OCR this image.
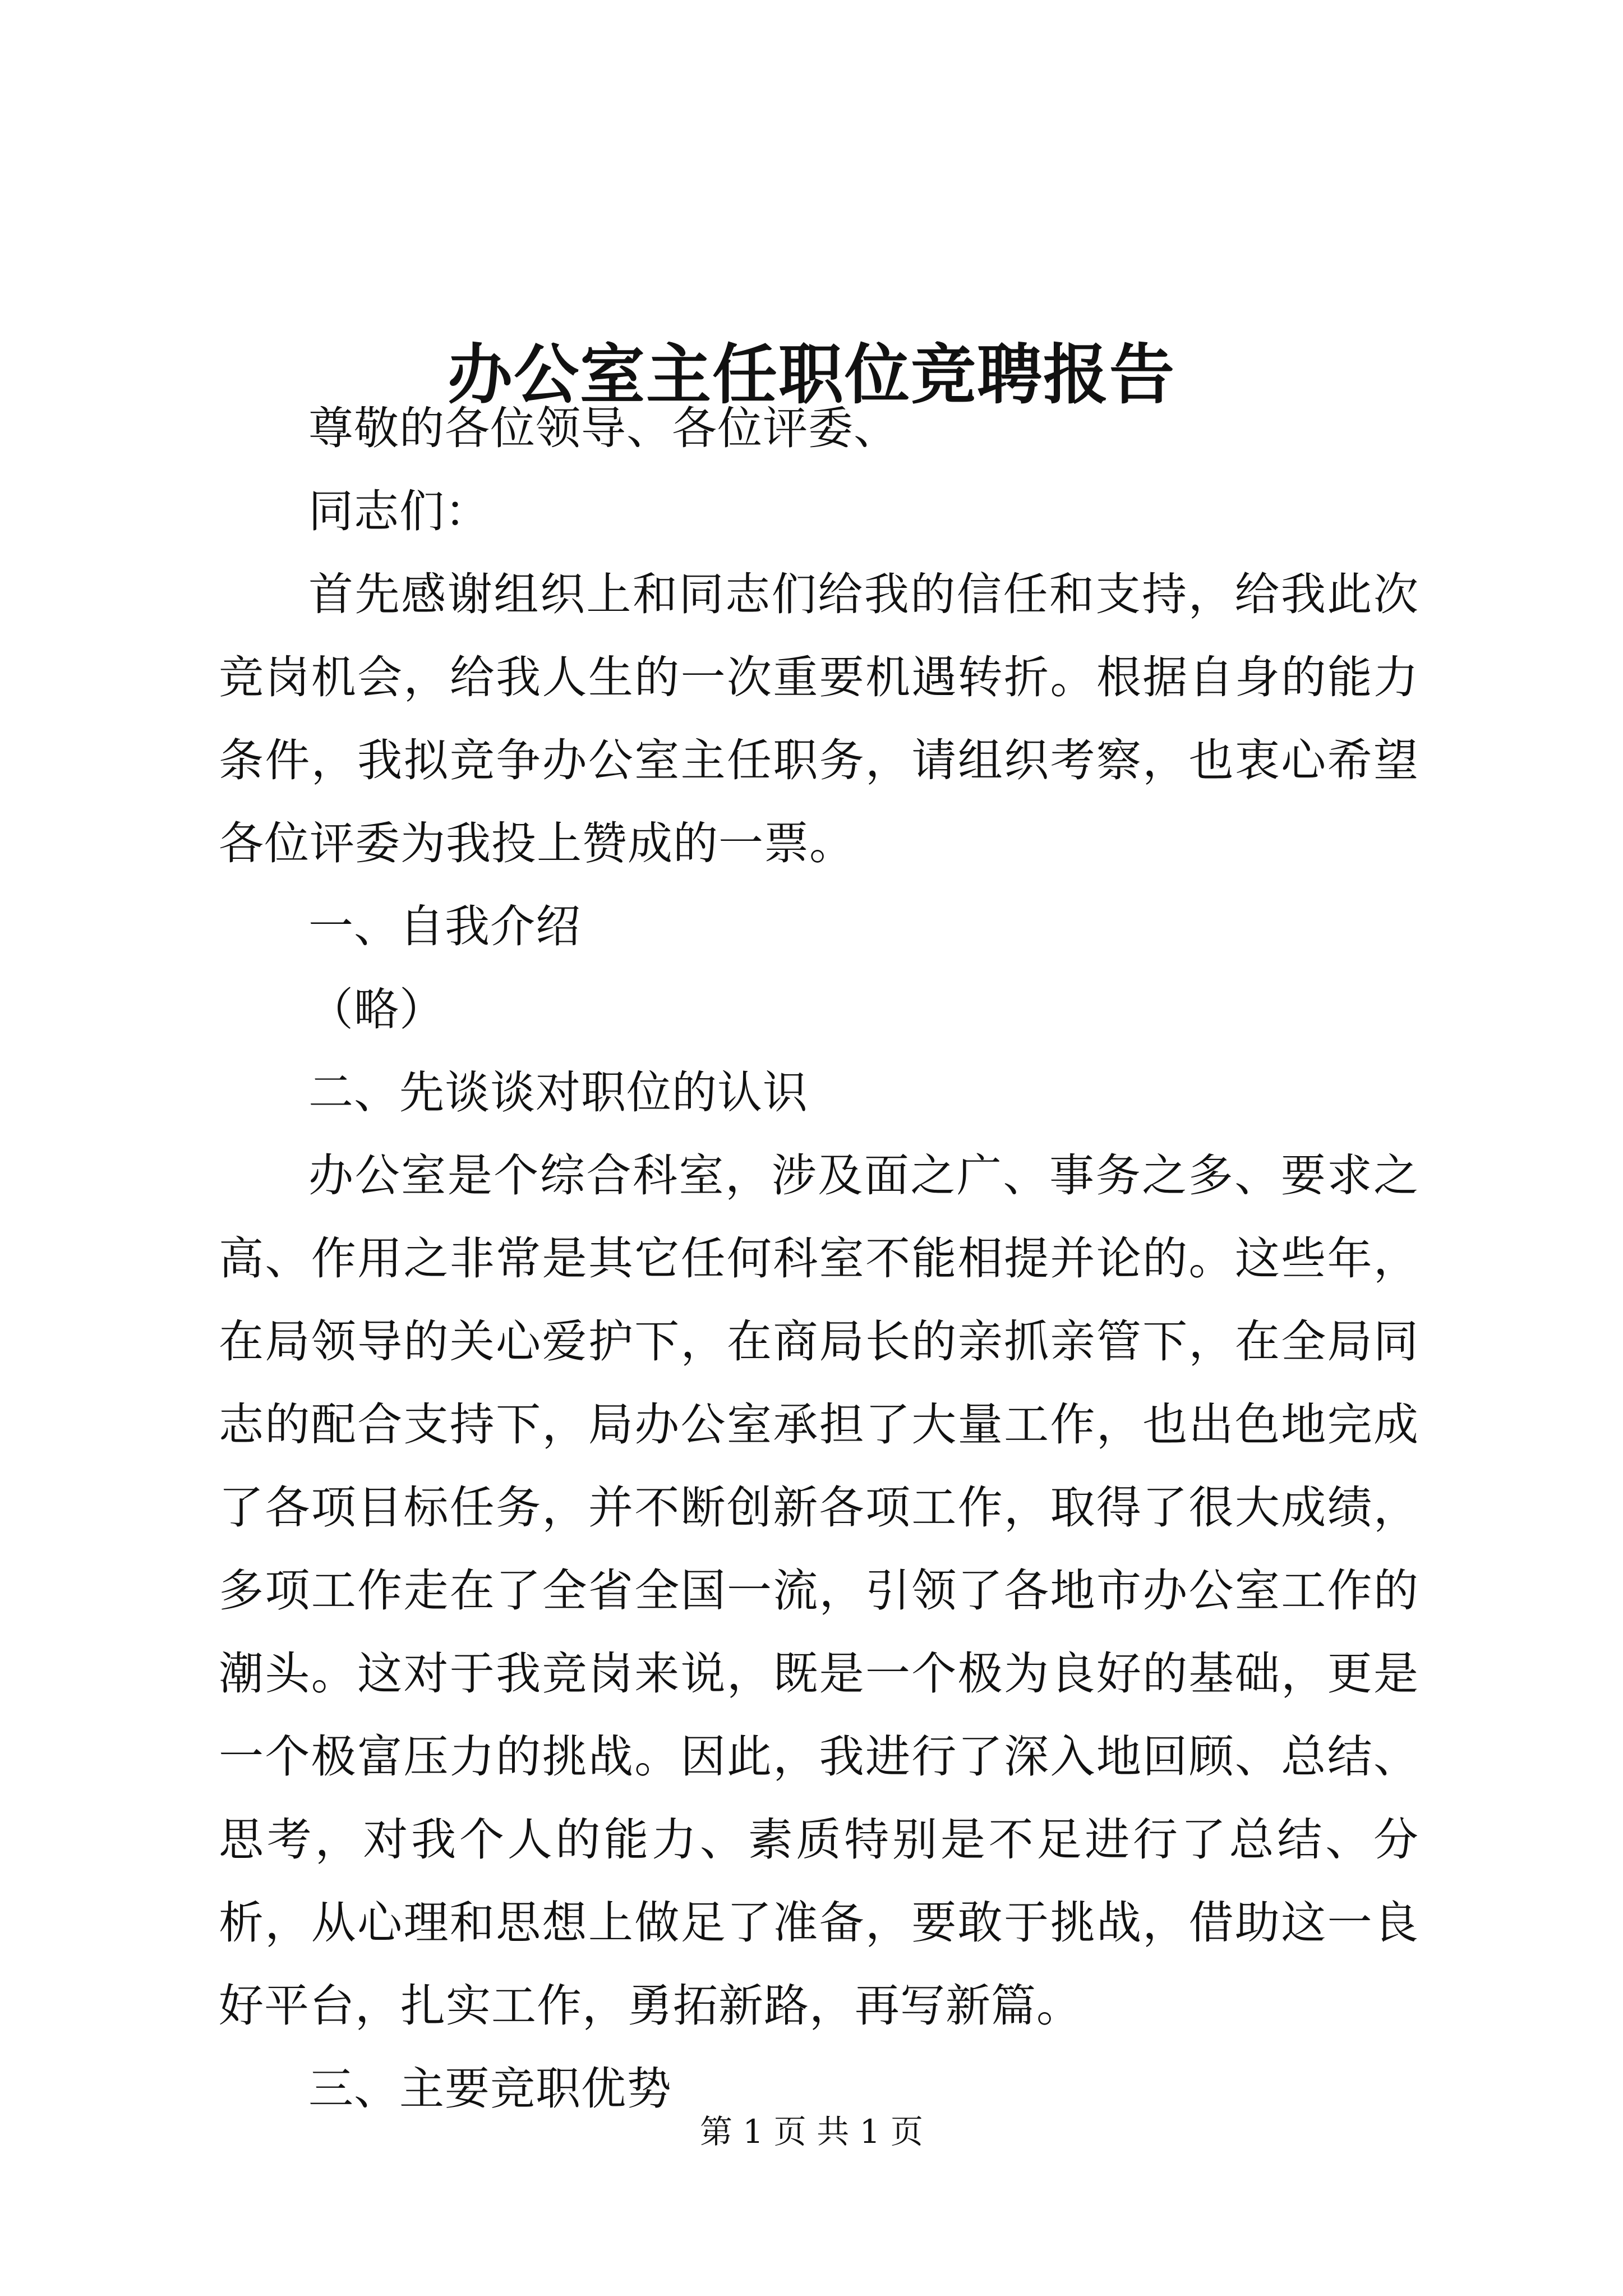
办公室主任职位竞聘报告

尊敬的各位领导、各位评委、

同志们：

首先感谢组织上和同志们给我的信任和支持，给我此次竞岗机会，给我人生的一次重要机遇转折。根据自身的能力条件，我拟竞争办公室主任职务，请组织考察，也衷心希望各位评委为我投上赞成的一票。

一、自我介绍

（略）

二、先谈谈对职位的认识

办公室是个综合科室，涉及面之广、事务之多、要求之高、作用之非常是其它任何科室不能相提并论的。这些年，在局领导的关心爱护下，在商局长的亲抓亲管下，在全局同志的配合支持下，局办公室承担了大量工作，也出色地完成了各项目标任务，并不断创新各项工作，取得了很大成绩，多项工作走在了全省全国一流，引领了各地市办公室工作的潮头。这对于我竞岗来说，既是一个极为良好的基础，更是一个极富压力的挑战。因此，我进行了深入地回顾、总结、思考，对我个人的能力、素质特别是不足进行了总结、分析，从心理和思想上做足了准备，要敢于挑战，借助这一良好平台，扎实工作，勇拓新路，再写新篇。

三、主要竞职优势

第 1 页 共 1 页
